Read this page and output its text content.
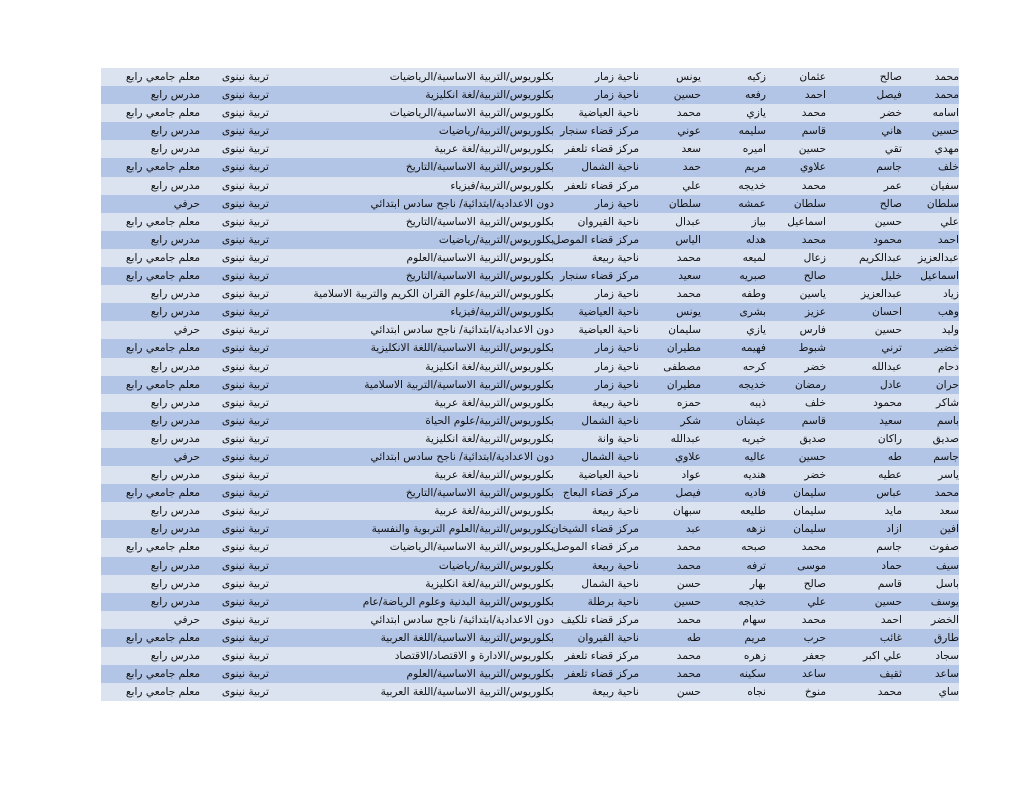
محمد
صالح
عثمان
زكيه
يونس
ناحية زمار
بكلوريوس/التربية الاساسية/الرياضيات
تربية نينوى
معلم جامعي رابع
محمد
فيصل
احمد
رفعه
حسين
ناحية زمار
بكلوريوس/التربية/لغة انكليزية
تربية نينوى
مدرس رابع
اسامه
خضر
محمد
يازي
محمد
ناحية العياضية
بكلوريوس/التربية الاساسية/الرياضيات
تربية نينوى
معلم جامعي رابع
حسين
هاني
قاسم
سليمه
عوني
مركز قضاء سنجار
بكلوريوس/التربية/رياضيات
تربية نينوى
مدرس رابع
مهدي
تقي
حسين
اميره
سعد
مركز قضاء تلعفر
بكلوريوس/التربية/لغة عربية
تربية نينوى
مدرس رابع
خلف
جاسم
علاوي
مريم
حمد
ناحية الشمال
بكلوريوس/التربية الاساسية/التاريخ
تربية نينوى
معلم جامعي رابع
سفيان
عمر
محمد
خديجه
علي
مركز قضاء تلعفر
بكلوريوس/التربية/فيزياء
تربية نينوى
مدرس رابع
سلطان
صالح
سلطان
عمشه
سلطان
ناحية زمار
دون الاعدادية/ابتدائية/ ناجح سادس ابتدائي
تربية نينوى
حرفي
علي
حسين
اسماعيل
بياز
عبدال
ناحية القيروان
بكلوريوس/التربية الاساسية/التاريخ
تربية نينوى
معلم جامعي رابع
احمد
محمود
محمد
هدله
الياس
مركز قضاء الموصل
بكلوريوس/التربية/رياضيات
تربية نينوى
مدرس رابع
عبدالعزيز
عبدالكريم
زعال
لميعه
محمد
ناحية ربيعة
بكلوريوس/التربية الاساسية/العلوم
تربية نينوى
معلم جامعي رابع
اسماعيل
خليل
صالح
صبريه
سعيد
مركز قضاء سنجار
بكلوريوس/التربية الاساسية/التاريخ
تربية نينوى
معلم جامعي رابع
زياد
عبدالعزيز
ياسين
وطفه
محمد
ناحية زمار
بكلوريوس/التربية/علوم القران الكريم والتربية الاسلامية
تربية نينوى
مدرس رابع
وهب
احسان
عزيز
بشرى
يونس
ناحية العياضية
بكلوريوس/التربية/فيزياء
تربية نينوى
مدرس رابع
وليد
حسين
فارس
يازي
سليمان
ناحية العياضية
دون الاعدادية/ابتدائية/ ناجح سادس ابتدائي
تربية نينوى
حرفي
خضير
ترني
شبوط
فهيمه
مطيران
ناحية زمار
بكلوريوس/التربية الاساسية/اللغة الانكليزية
تربية نينوى
معلم جامعي رابع
دحام
عبدالله
خضر
كرحه
مصطفى
ناحية زمار
بكلوريوس/التربية/لغة انكليزية
تربية نينوى
مدرس رابع
حران
عادل
رمضان
خديجه
مطيران
ناحية زمار
بكلوريوس/التربية الاساسية/التربية الاسلامية
تربية نينوى
معلم جامعي رابع
شاكر
محمود
خلف
ذيبه
حمزه
ناحية ربيعة
بكلوريوس/التربية/لغة عربية
تربية نينوى
مدرس رابع
باسم
سعيد
قاسم
عيشان
شكر
ناحية الشمال
بكلوريوس/التربية/علوم الحياة
تربية نينوى
مدرس رابع
صديق
راكان
صديق
خيريه
عبدالله
ناحية وانة
بكلوريوس/التربية/لغة انكليزية
تربية نينوى
مدرس رابع
جاسم
طه
حسين
عاليه
علاوي
ناحية الشمال
دون الاعدادية/ابتدائية/ ناجح سادس ابتدائي
تربية نينوى
حرفي
ياسر
عطيه
خضر
هنديه
عواد
ناحية العياضية
بكلوريوس/التربية/لغة عربية
تربية نينوى
مدرس رابع
محمد
عباس
سليمان
فاديه
فيصل
مركز قضاء البعاج
بكلوريوس/التربية الاساسية/التاريخ
تربية نينوى
معلم جامعي رابع
سعد
مايد
سليمان
طليعه
سبهان
ناحية ربيعة
بكلوريوس/التربية/لغة عربية
تربية نينوى
مدرس رابع
افين
ازاد
سليمان
نزهه
عبد
مركز قضاء الشيخان
بكلوريوس/التربية/العلوم التربوية والنفسية
تربية نينوى
مدرس رابع
صفوت
جاسم
محمد
صبحه
محمد
مركز قضاء الموصل
بكلوريوس/التربية الاساسية/الرياضيات
تربية نينوى
معلم جامعي رابع
سيف
حماد
موسى
ترفه
محمد
ناحية ربيعة
بكلوريوس/التربية/رياضيات
تربية نينوى
مدرس رابع
باسل
قاسم
صالح
بهار
حسن
ناحية الشمال
بكلوريوس/التربية/لغة انكليزية
تربية نينوى
مدرس رابع
يوسف
حسين
علي
خديجه
حسين
ناحية برطلة
بكلوريوس/التربية البدنية وعلوم الرياضة/عام
تربية نينوى
مدرس رابع
الخضر
احمد
محمد
سهام
محمد
مركز قضاء تلكيف
دون الاعدادية/ابتدائية/ ناجح سادس ابتدائي
تربية نينوى
حرفي
طارق
غائب
حرب
مريم
طه
ناحية القيروان
بكلوريوس/التربية الاساسية/اللغة العربية
تربية نينوى
معلم جامعي رابع
سجاد
علي اكبر
جعفر
زهره
محمد
مركز قضاء تلعفر
بكلوريوس/الادارة و الاقتصاد/الاقتصاد
تربية نينوى
مدرس رابع
ساعد
ثقيف
ساعد
سكينه
محمد
مركز قضاء تلعفر
بكلوريوس/التربية الاساسية/العلوم
تربية نينوى
معلم جامعي رابع
ساي
محمد
منوخ
نجاه
حسن
ناحية ربيعة
بكلوريوس/التربية الاساسية/اللغة العربية
تربية نينوى
معلم جامعي رابع
